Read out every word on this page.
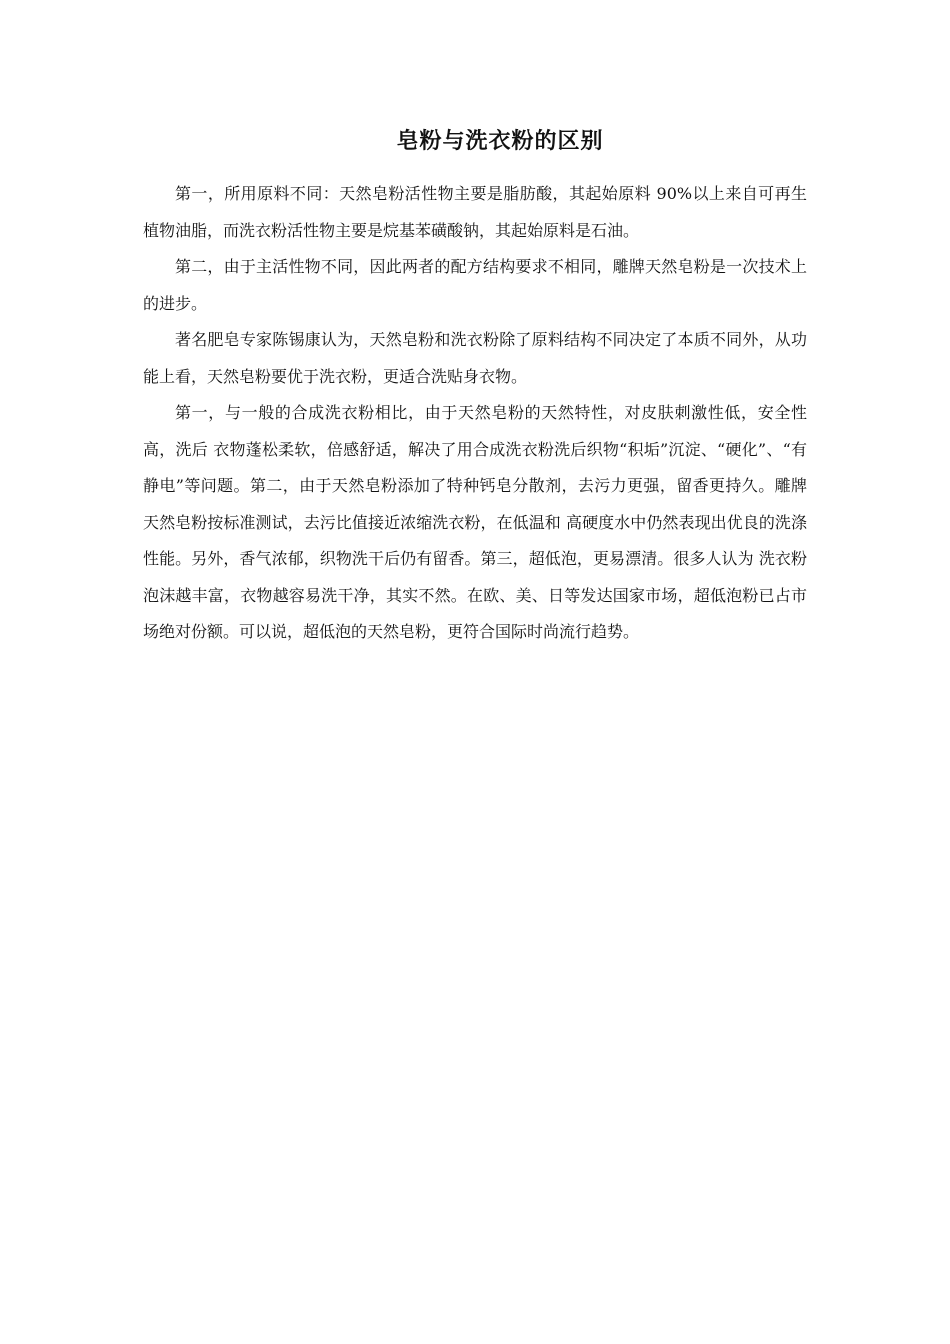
皂粉与洗衣粉的区别

第一，所用原料不同：天然皂粉活性物主要是脂肪酸，其起始原料 90%以上来自可再生植物油脂，而洗衣粉活性物主要是烷基苯磺酸钠，其起始原料是石油。

第二，由于主活性物不同，因此两者的配方结构要求不相同，雕牌天然皂粉是一次技术上的进步。

著名肥皂专家陈锡康认为，天然皂粉和洗衣粉除了原料结构不同决定了本质不同外，从功能上看，天然皂粉要优于洗衣粉，更适合洗贴身衣物。

第一，与一般的合成洗衣粉相比，由于天然皂粉的天然特性，对皮肤刺激性低，安全性高，洗后 衣物蓬松柔软，倍感舒适，解决了用合成洗衣粉洗后织物“积垢”沉淀、“硬化”、“有静电”等问题。第二，由于天然皂粉添加了特种钙皂分散剂，去污力更强，留香更持久。雕牌天然皂粉按标准测试，去污比值接近浓缩洗衣粉，在低温和 高硬度水中仍然表现出优良的洗涤性能。另外，香气浓郁，织物洗干后仍有留香。第三，超低泡，更易漂清。很多人认为 洗衣粉泡沫越丰富，衣物越容易洗干净，其实不然。在欧、美、日等发达国家市场，超低泡粉已占市场绝对份额。可以说，超低泡的天然皂粉，更符合国际时尚流行趋势。
